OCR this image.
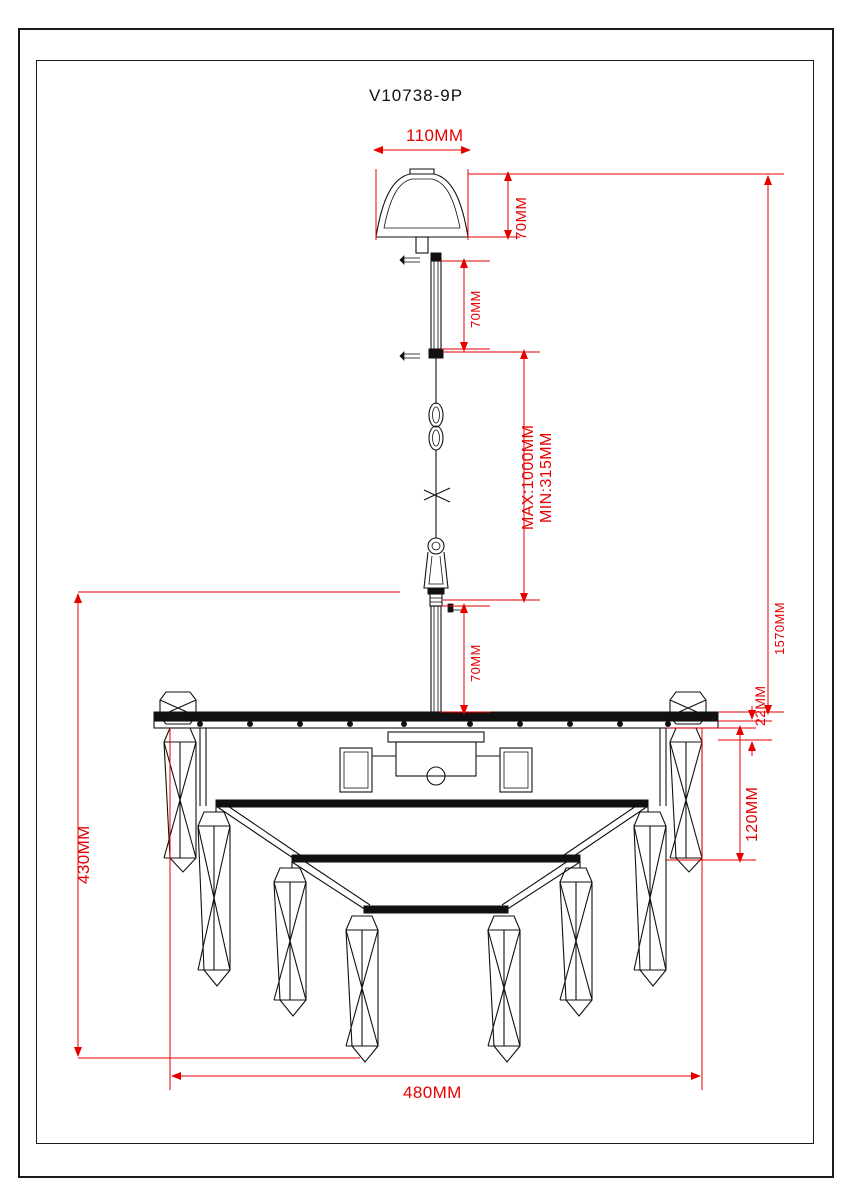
V10738-9P
110MM
70MM
70MM
MAX:1000MM MIN:315MM
70MM
1570MM
430MM
22MM
120MM
480MM
